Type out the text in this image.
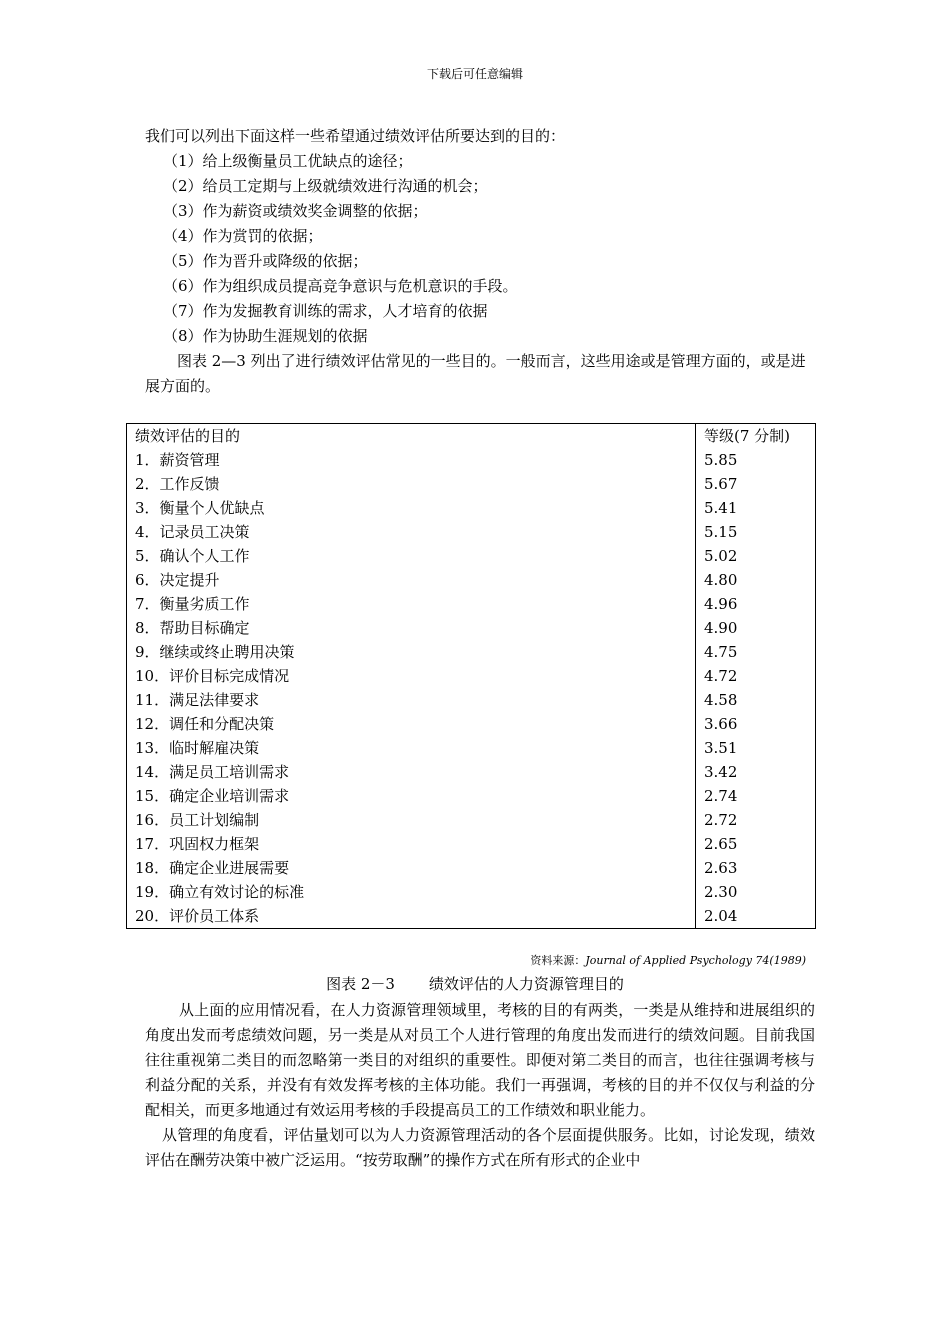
下载后可任意编辑

我们可以列出下面这样一些希望通过绩效评估所要达到的目的：

（1）给上级衡量员工优缺点的途径；
（2）给员工定期与上级就绩效进行沟通的机会；
（3）作为薪资或绩效奖金调整的依据；
（4）作为赏罚的依据；
（5）作为晋升或降级的依据；
（6）作为组织成员提高竞争意识与危机意识的手段。
（7）作为发掘教育训练的需求，人才培育的依据
（8）作为协助生涯规划的依据

图表 2—3 列出了进行绩效评估常见的一些目的。一般而言，这些用途或是管理方面的，或是进展方面的。

绩效评估的目的	等级(7 分制)
1．薪资管理	5.85
2．工作反馈	5.67
3．衡量个人优缺点	5.41
4．记录员工决策	5.15
5．确认个人工作	5.02
6．决定提升	4.80
7．衡量劣质工作	4.96
8．帮助目标确定	4.90
9．继续或终止聘用决策	4.75
10．评价目标完成情况	4.72
11．满足法律要求	4.58
12．调任和分配决策	3.66
13．临时解雇决策	3.51
14．满足员工培训需求	3.42
15．确定企业培训需求	2.74
16．员工计划编制	2.72
17．巩固权力框架	2.65
18．确定企业进展需要	2.63
19．确立有效讨论的标准	2.30
20．评价员工体系	2.04
资料来源：Journal of Applied Psychology 74(1989)
图表 2－3 绩效评估的人力资源管理目的

从上面的应用情况看，在人力资源管理领域里，考核的目的有两类，一类是从维持和进展组织的角度出发而考虑绩效问题，另一类是从对员工个人进行管理的角度出发而进行的绩效问题。目前我国往往重视第二类目的而忽略第一类目的对组织的重要性。即便对第二类目的而言，也往往强调考核与利益分配的关系，并没有有效发挥考核的主体功能。我们一再强调，考核的目的并不仅仅与利益的分配相关，而更多地通过有效运用考核的手段提高员工的工作绩效和职业能力。

从管理的角度看，评估量划可以为人力资源管理活动的各个层面提供服务。比如，讨论发现，绩效评估在酬劳决策中被广泛运用。“按劳取酬”的操作方式在所有形式的企业中
